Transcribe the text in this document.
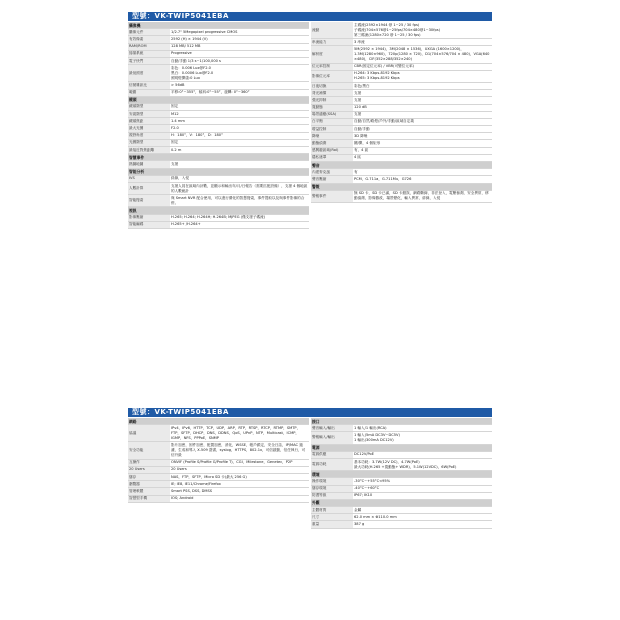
型號：VK-TWIP5041EBA
攝像機	
攝像元件	1/2.7" 5Megapixel progressive CMOS
有效像素	2592 (H) × 1944 (V)
RAM/ROM	128 MB/ 512 MB
掃描系統	Progressive
電子快門	自動/手動 1/3 s~1/100,000 s
最低照度	彩色：0.006 Lux@F2.0
黑白：0.0006 Lux@F2.0
照明燈開啟:0 Lux
信號雜訊比	> 56dB
範圍	平移:0°~355°，傾斜:0°~55°，旋轉: 0°~360°
鏡頭	
鏡頭類型	固定
安裝類型	M12
鏡頭焦距	1.4 mm
最大光圈	F2.0
視野角度	H：180°，V：180°，D：180°
光圈類型	固定
最接近對焦距離	0.2 m
智慧事件	
熱圖地圖	支援
智能分析	
IVS	絆線，入侵
人數計算	支援人員在區域內計數，並顯示和輸出年/月/日報告（需要匹配設備），支援 4 個地區的人數統計
智能搜索	與 Smart NVR 配合使用，可以進行優化的智慧搜索，事件提取以及與事件影像的合併。
視訊	
影像壓縮	H.265; H.264; H.264H; H.264B; MJPEG (僅支援子碼流)
智能編碼	H.265+ /H.264+
流動	主碼流(2592×1944 @ 1~25 / 30 fps)
子碼流(704×576@1~25fps/704×480@1~30fps)
第三碼流(1280×720 @ 1~25 / 30 fps)
串流能力	3 串流
解析度	5M(2592 × 1944)，3M(2048 × 1536)，UXGA (1600×1200)，1.3M(1280×960)，720p(1280 × 720)，D1(704×576/704 × 480)，VGA(640 ×480)，CIF(352×288/352×240)
位元率控制	CBR(固定位元率) / VBR(可變位元率)
影像位元率	H.264: 3 Kbps-8192 Kbps
H.265: 3 Kbps-8192 Kbps
日夜切換	彩色/黑白
背光補償	支援
強光抑制	支援
寬動態	120 dB
場景適應(SSA)	支援
白平衡	自動/自然/路燈/戶外/手動/區域自定義
增益控制	自動/手動
降噪	3D 降噪
動態偵測	關/開，4 個矩形
感興趣區域(RoI)	有，4 區
隱私遮罩	4 區
聲音	
內建麥克風	有
聲音壓縮	PCM，G.711a，G.711Mu，G726
警報	
警報事件	無 SD 卡，SD 卡已滿，SD 卡錯誤，網路斷線，非法登入，電壓檢測，安全異常，移動偵測，影像篡改，場景變化，輸入異常，絆線，入侵
型號：VK-TWIP5041EBA
網路	
協議	IPv4，IPv6，HTTP，TCP，UDP，ARP，RTP，RTSP，RTCP，RTMP，SMTP，FTP，SFTP，DHCP，DNS，DDNS，QoS，UPnP，NTP，Multicast，ICMP，IGMP，NFS，PPPoE，SNMP
安全功能	影片加密，固件加密，配置加密，消化，WSSE，帳戶鎖定，安全日誌，IP/MAC 過濾，生成和導入 X.509 證書，syslog，HTTPS，802.1x，可信啟動，信任執行，可信升級
互操作	ONVIF (Profile S/Profile G/Profile T)，CGI，Milestone，Genetec，P2P
20 Users	20 Users
儲存	NAS，FTP，SFTP，Micro SD 卡(最大 256 G)
瀏覽器	IE; IE8, IE11/Chrome/Firefox
管理軟體	Smart PSS, DSS, DMSS
智慧型手機	IOS; Android
接口	
聲音輸入/輸出	1 輸入/1 輸出(RCA)
警報輸入/輸出	1 輸入(5mA DC3V~DC5V)
1 輸出(300mA DC12V)
電源	
電源供應	DC12V/PoE
電源功耗	基本功耗：3.7W(12V DC)，4.7W(PoE)
最大功耗(H.265 +寬動態+ WDR)，5.1W(12VDC)，6W(PoE)
環境	
操作環境	-30°C~+55°C<95%
儲存環境	-40°C~+60°C
防護等級	IP67; IK10
外觀	
主體材質	金屬
尺寸	62.0 mm × Φ110.0 mm
重量	387 g
